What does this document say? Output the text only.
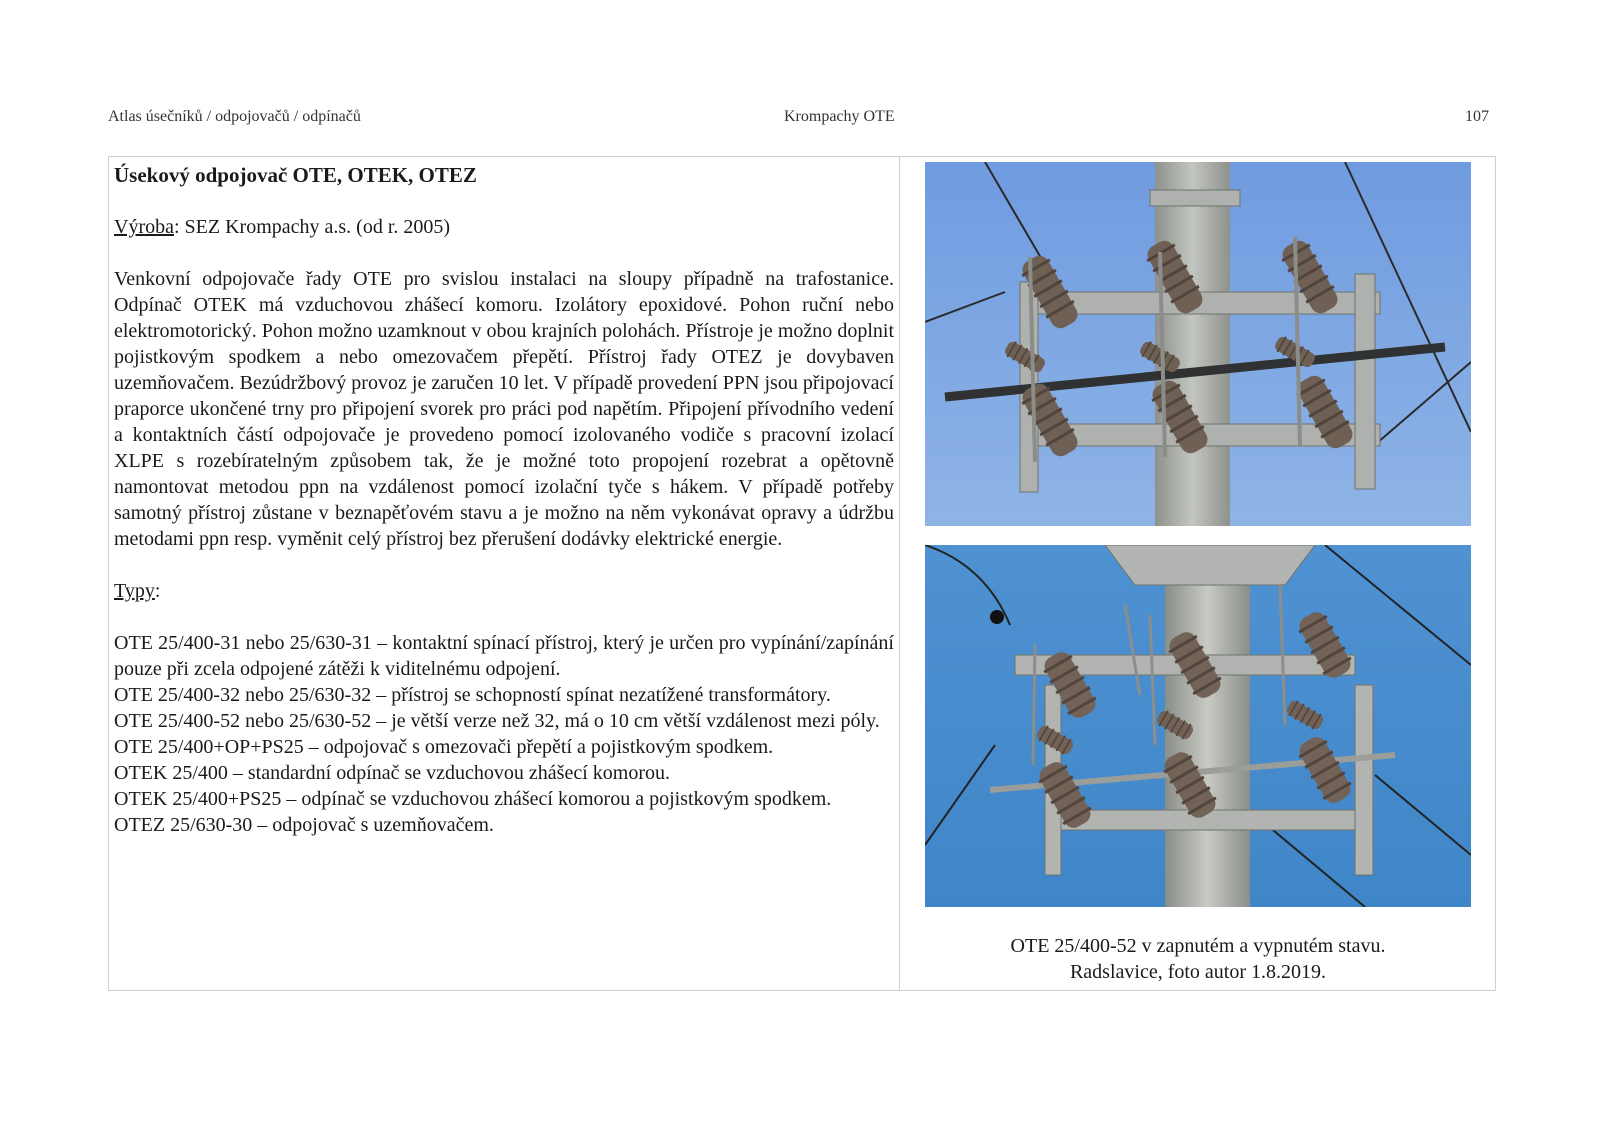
Atlas úsečníků / odpojovačů / odpínačů	Krompachy OTE	107
Úsekový odpojovač OTE, OTEK, OTEZ

Výroba: SEZ Krompachy a.s. (od r. 2005)

Venkovní odpojovače řady OTE pro svislou instalaci na sloupy případně na trafostanice. Odpínač OTEK má vzduchovou zhášecí komoru. Izolátory epoxidové. Pohon ruční nebo elektromotorický. Pohon možno uzamknout v obou krajních polohách. Přístroje je možno doplnit pojistkovým spodkem a nebo omezovačem přepětí. Přístroj řady OTEZ je dovybaven uzemňovačem. Bezúdržbový provoz je zaručen 10 let. V případě provedení PPN jsou připojovací praporce ukončené trny pro připojení svorek pro práci pod napětím. Připojení přívodního vedení a kontaktních částí odpojovače je provedeno pomocí izolovaného vodiče s pracovní izolací XLPE s rozebíratelným způsobem tak, že je možné toto propojení rozebrat a opětovně namontovat metodou ppn na vzdálenost pomocí izolační tyče s hákem. V případě potřeby samotný přístroj zůstane v beznapěťovém stavu a je možno na něm vykonávat opravy a údržbu metodami ppn resp. vyměnit celý přístroj bez přerušení dodávky elektrické energie.

Typy:

OTE 25/400-31 nebo 25/630-31 – kontaktní spínací přístroj, který je určen pro vypínání/zapínání pouze při zcela odpojené zátěži k viditelnému odpojení.

OTE 25/400-32 nebo 25/630-32 – přístroj se schopností spínat nezatížené transformátory.

OTE 25/400-52 nebo 25/630-52 – je větší verze než 32, má o 10 cm větší vzdálenost mezi póly.

OTE 25/400+OP+PS25 – odpojovač s omezovači přepětí a pojistkovým spodkem.

OTEK 25/400 – standardní odpínač se vzduchovou zhášecí komorou.

OTEK 25/400+PS25 – odpínač se vzduchovou zhášecí komorou a pojistkovým spodkem.

OTEZ 25/630-30 – odpojovač s uzemňovačem.

OTE 25/400-52 v zapnutém a vypnutém stavu.
Radslavice, foto autor 1.8.2019.
